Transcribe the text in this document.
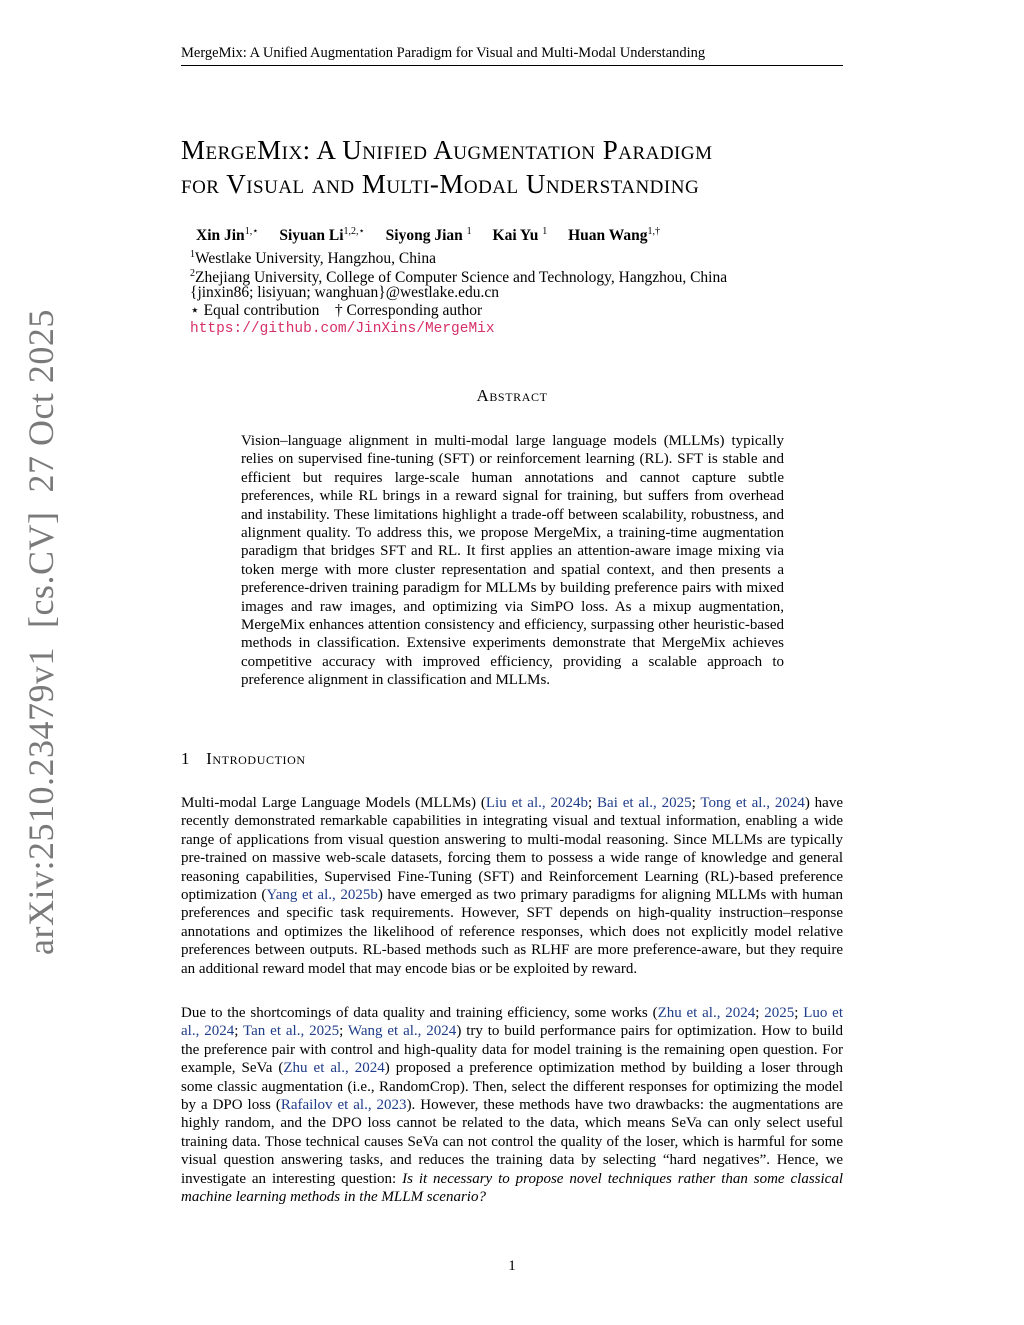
MergeMix: A Unified Augmentation Paradigm for Visual and Multi-Modal Understanding
MergeMix: A Unified Augmentation Paradigm
for Visual and Multi-Modal Understanding
Xin Jin$^{1,⋆}$ Siyuan $Li^{1,2,⋆}$ Siyong Jian $^1$ Kai Yu $^1$ Huan Wang$^{1,\dagger}$
$^1$Westlake University, Hangzhou, China
$^2$Zhejiang University, College of Computer Science and Technology, Hangzhou, China
{jinxin86; lisiyuan; wanghuan}@westlake.edu.cn
⋆ Equal contribution    † Corresponding author
https://github.com/JinXins/MergeMix
Abstract
Vision–language alignment in multi-modal large language models (MLLMs) typically relies on supervised fine-tuning (SFT) or reinforcement learning (RL). SFT is stable and efficient but requires large-scale human annotations and cannot capture subtle preferences, while RL brings in a reward signal for training, but suffers from overhead and instability. These limitations highlight a trade-off between scalability, robustness, and alignment quality. To address this, we propose MergeMix, a training-time augmentation paradigm that bridges SFT and RL. It first applies an attention-aware image mixing via token merge with more cluster representation and spatial context, and then presents a preference-driven training paradigm for MLLMs by building preference pairs with mixed images and raw images, and optimizing via SimPO loss. As a mixup augmentation, MergeMix enhances attention consistency and efficiency, surpassing other heuristic-based methods in classification. Extensive experiments demonstrate that MergeMix achieves competitive accuracy with improved efficiency, providing a scalable approach to preference alignment in classification and MLLMs.
1 Introduction

Multi-modal Large Language Models (MLLMs) (Liu et al., 2024b; Bai et al., 2025; Tong et al., 2024) have recently demonstrated remarkable capabilities in integrating visual and textual information, enabling a wide range of applications from visual question answering to multi-modal reasoning. Since MLLMs are typically pre-trained on massive web-scale datasets, forcing them to possess a wide range of knowledge and general reasoning capabilities, Supervised Fine-Tuning (SFT) and Reinforcement Learning (RL)-based preference optimization (Yang et al., 2025b) have emerged as two primary paradigms for aligning MLLMs with human preferences and specific task requirements. However, SFT depends on high-quality instruction–response annotations and optimizes the likelihood of reference responses, which does not explicitly model relative preferences between outputs. RL-based methods such as RLHF are more preference-aware, but they require an additional reward model that may encode bias or be exploited by reward.

Due to the shortcomings of data quality and training efficiency, some works (Zhu et al., 2024; 2025; Luo et al., 2024; Tan et al., 2025; Wang et al., 2024) try to build performance pairs for optimization. How to build the preference pair with control and high-quality data for model training is the remaining open question. For example, SeVa (Zhu et al., 2024) proposed a preference optimization method by building a loser through some classic augmentation (i.e., RandomCrop). Then, select the different responses for optimizing the model by a DPO loss (Rafailov et al., 2023). However, these methods have two drawbacks: the augmentations are highly random, and the DPO loss cannot be related to the data, which means SeVa can only select useful training data. Those technical causes SeVa can not control the quality of the loser, which is harmful for some visual question answering tasks, and reduces the training data by selecting “hard negatives”. Hence, we investigate an interesting question: Is it necessary to propose novel techniques rather than some classical machine learning methods in the MLLM scenario?

arXiv:2510.23479v1  [cs.CV]  27 Oct 2025
1
